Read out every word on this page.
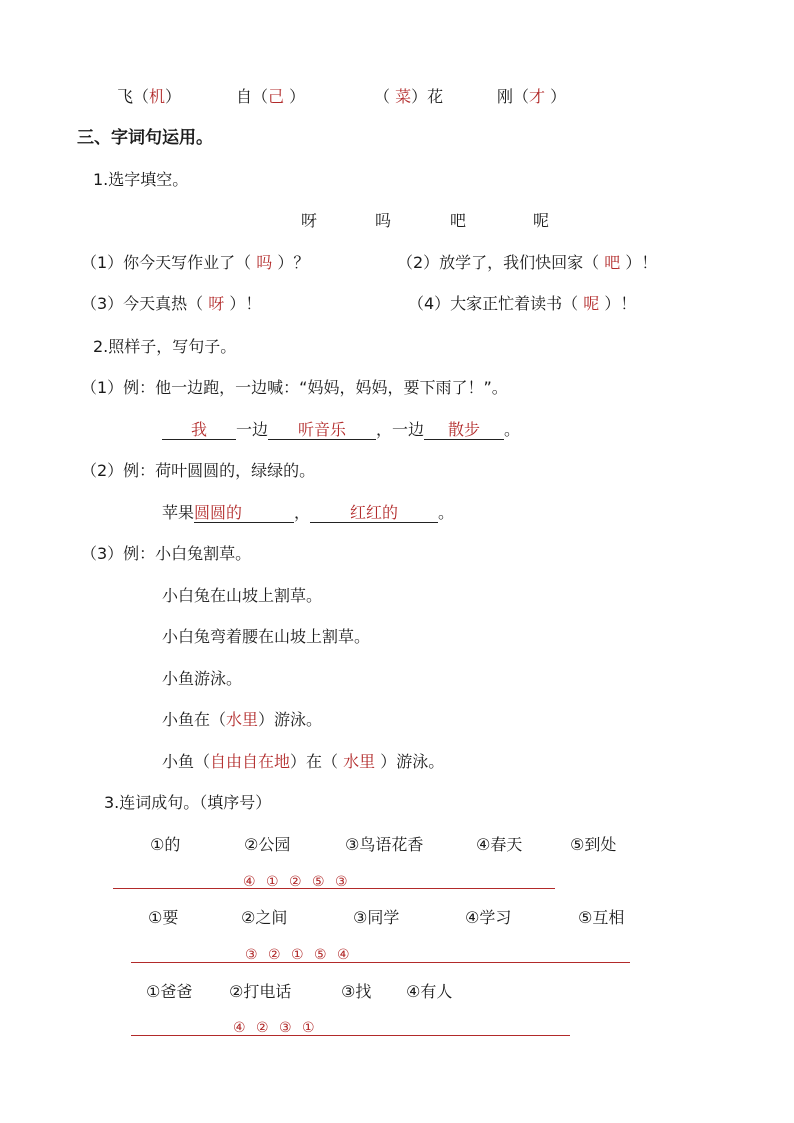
飞（机）	自（己 ）	（ 菜）花	刚（才 ）
三、字词句运用。
1.选字填空。
呀	吗	吧	呢
（1）你今天写作业了（ 吗 ）？	（2）放学了，我们快回家（ 吧 ）！
（3）今天真热（ 呀 ）！	（4）大家正忙着读书（ 呢 ）！
2.照样子，写句子。
（1）例：他一边跑，一边喊：“妈妈，妈妈，要下雨了！”。
我 一边 听音乐 ，一边 散步 。
（2）例：荷叶圆圆的，绿绿的。
苹果圆圆的	， 红红的	。
（3）例：小白兔割草。
小白兔在山坡上割草。
小白兔弯着腰在山坡上割草。
小鱼游泳。
小鱼在（水里）游泳。
小鱼（自由自在地）在（ 水里 ）游泳。
3.连词成句。（填序号）
①的	②公园	③鸟语花香	④春天	⑤到处
④ ① ② ⑤ ③
①要	②之间	③同学	④学习	⑤互相
③ ② ① ⑤ ④
①爸爸 ②打电话	③找 ④有人
④ ② ③ ①
